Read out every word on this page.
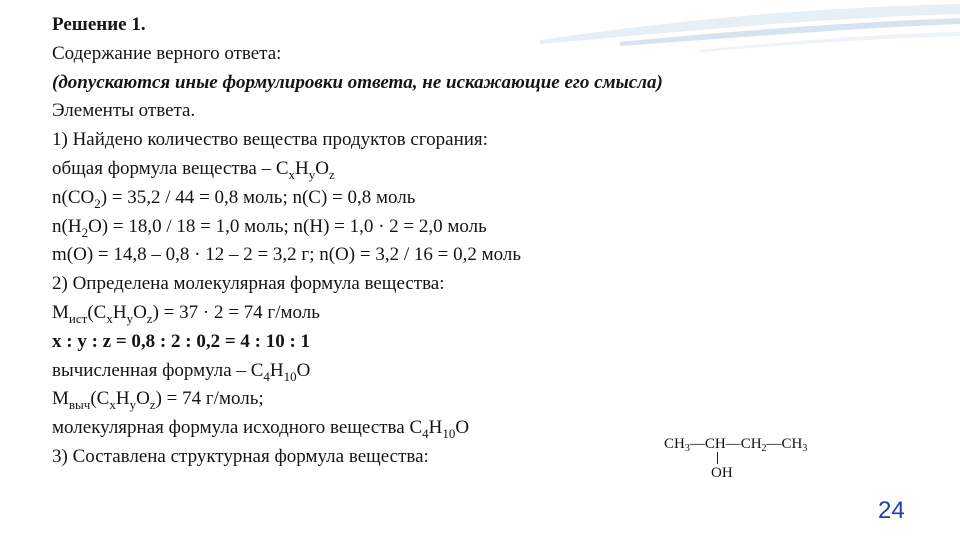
Решение 1.
Содержание верного ответа:
(допускаются иные формулировки ответа, не искажающие его смысла)
Элементы ответа.
1) Найдено количество вещества продуктов сгорания:
общая формула вещества – $C_xH_yO_z$
$n(CO_2) = 35,2 / 44 = 0,8$ моль; n(C) = 0,8 моль
$n(H_2O) = 18,0 / 18 = 1,0$ моль; n(H) = 1,0 · 2 = 2,0 моль
m(O) = 14,8 – 0,8 · 12 – 2 = 3,2 г; n(O) = 3,2 / 16 = 0,2 моль
2) Определена молекулярная формула вещества:
$M_{ист}(C_xH_yO_z) = 37 \cdot 2 = 74$ г/моль
x : y : z = 0,8 : 2 : 0,2 = 4 : 10 : 1
вычисленная формула – $C_4H_{10}O$
$M_{выч}(C_xH_yO_z) = 74$ г/моль;
молекулярная формула исходного вещества $C_4H_{10}O$
3) Составлена структурная формула вещества:
$CH_3—CH—CH_2—CH_3$
OH
24
